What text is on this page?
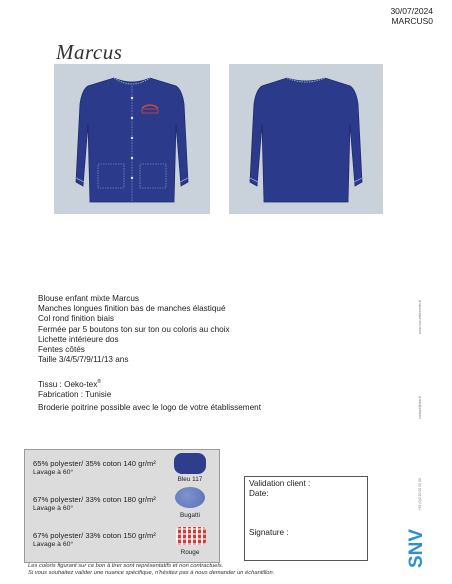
30/07/2024
MARCUS0
Marcus
Blouse enfant mixte Marcus
Manches longues finition bas de manches élastiqué
Col rond finition biais
Fermée par 5 boutons ton sur ton ou coloris au choix
Lichette intérieure dos
Fentes côtés
Taille 3/4/5/7/9/11/13 ans
Tissu : Oeko-tex®
Fabrication : Tunisie
Broderie poitrine possible avec le logo de votre établissement
65% polyester/ 35% coton 140 gr/m²
Lavage à 60°
Bleu 117
67% polyester/ 33% coton 180 gr/m²
Lavage à 60°
Bugatti
67% polyester/ 33% coton 150 gr/m²
Lavage à 60°
Rouge
Validation client :
Date:
Signature :
Les coloris figurant sur ce bon à tirer sont représentatifs et non contractuels.
Si vous souhaitez valider une nuance spécifique, n'hésitez pas à nous demander un échantillon.
www.snv-vetements.fr
contact@snv.fr
+33 (0)3 20 00 00 00
SNV
